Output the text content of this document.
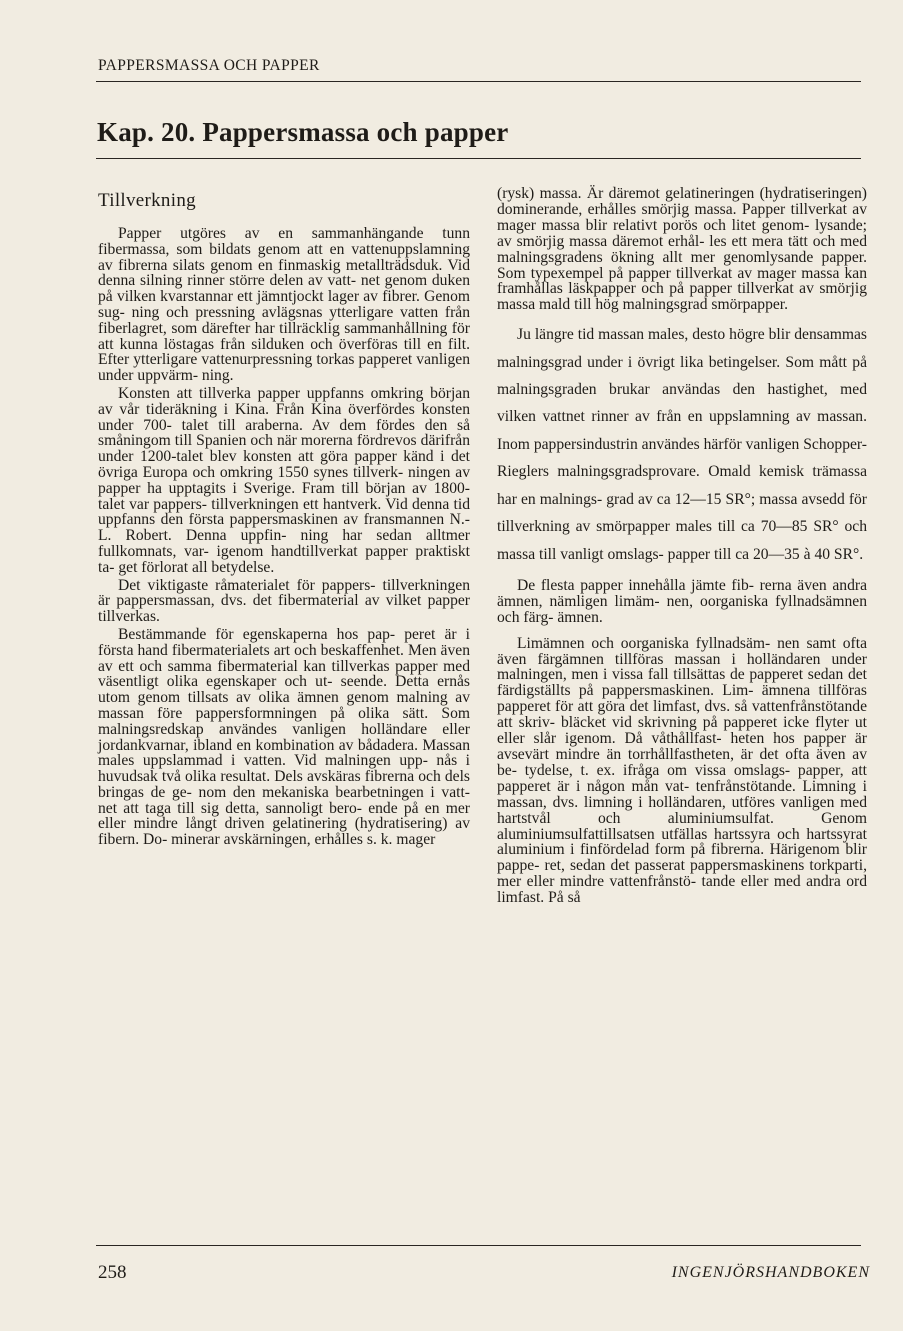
PAPPERSMASSA OCH PAPPER
Kap. 20. Pappersmassa och papper
Tillverkning

Papper utgöres av en sammanhängande tunn fibermassa, som bildats genom att en vattenuppslamning av fibrerna silats genom en finmaskig metallträdsduk. Vid denna silning rinner större delen av vatt- net genom duken på vilken kvarstannar ett jämntjockt lager av fibrer. Genom sug- ning och pressning avlägsnas ytterligare vatten från fiberlagret, som därefter har tillräcklig sammanhållning för att kunna löstagas från silduken och överföras till en filt. Efter ytterligare vattenurpressning torkas papperet vanligen under uppvärm- ning.

Konsten att tillverka papper uppfanns omkring början av vår tideräkning i Kina. Från Kina överfördes konsten under 700- talet till araberna. Av dem fördes den så småningom till Spanien och när morerna fördrevos därifrån under 1200-talet blev konsten att göra papper känd i det övriga Europa och omkring 1550 synes tillverk- ningen av papper ha upptagits i Sverige. Fram till början av 1800-talet var pappers- tillverkningen ett hantverk. Vid denna tid uppfanns den första pappersmaskinen av fransmannen N.-L. Robert. Denna uppfin- ning har sedan alltmer fullkomnats, var- igenom handtillverkat papper praktiskt ta- get förlorat all betydelse.

Det viktigaste råmaterialet för pappers- tillverkningen är pappersmassan, dvs. det fibermaterial av vilket papper tillverkas.

Bestämmande för egenskaperna hos pap- peret är i första hand fibermaterialets art och beskaffenhet. Men även av ett och samma fibermaterial kan tillverkas papper med väsentligt olika egenskaper och ut- seende. Detta ernås utom genom tillsats av olika ämnen genom malning av massan före pappersformningen på olika sätt. Som malningsredskap användes vanligen holländare eller jordankvarnar, ibland en kombination av bådadera. Massan males uppslammad i vatten. Vid malningen upp- nås i huvudsak två olika resultat. Dels avskäras fibrerna och dels bringas de ge- nom den mekaniska bearbetningen i vatt- net att taga till sig detta, sannoligt bero- ende på en mer eller mindre långt driven gelatinering (hydratisering) av fibern. Do- minerar avskärningen, erhålles s. k. mager

(rysk) massa. Är däremot gelatineringen (hydratiseringen) dominerande, erhålles smörjig massa. Papper tillverkat av mager massa blir relativt porös och litet genom- lysande; av smörjig massa däremot erhål- les ett mera tätt och med malningsgradens ökning allt mer genomlysande papper. Som typexempel på papper tillverkat av mager massa kan framhållas läskpapper och på papper tillverkat av smörjig massa mald till hög malningsgrad smörpapper.

Ju längre tid massan males, desto högre blir densammas malningsgrad under i övrigt lika betingelser. Som mått på malningsgraden brukar användas den hastighet, med vilken vattnet rinner av från en uppslamning av massan. Inom pappersindustrin användes härför vanligen Schopper-Rieglers malningsgradsprovare. Omald kemisk trämassa har en malnings- grad av ca 12—15 SR°; massa avsedd för tillverkning av smörpapper males till ca 70—85 SR° och massa till vanligt omslags- papper till ca 20—35 à 40 SR°.

De flesta papper innehålla jämte fib- rerna även andra ämnen, nämligen limäm- nen, oorganiska fyllnadsämnen och färg- ämnen.

Limämnen och oorganiska fyllnadsäm- nen samt ofta även färgämnen tillföras massan i holländaren under malningen, men i vissa fall tillsättas de papperet sedan det färdigställts på pappersmaskinen. Lim- ämnena tillföras papperet för att göra det limfast, dvs. så vattenfrånstötande att skriv- bläcket vid skrivning på papperet icke flyter ut eller slår igenom. Då våthållfast- heten hos papper är avsevärt mindre än torrhållfastheten, är det ofta även av be- tydelse, t. ex. ifråga om vissa omslags- papper, att papperet är i någon mån vat- tenfrånstötande. Limning i massan, dvs. limning i holländaren, utföres vanligen med hartstvål och aluminiumsulfat. Genom aluminiumsulfattillsatsen utfällas hartssyra och hartssyrat aluminium i finfördelad form på fibrerna. Härigenom blir pappe- ret, sedan det passerat pappersmaskinens torkparti, mer eller mindre vattenfrånstö- tande eller med andra ord limfast. På så

258	INGENJÖRSHANDBOKEN
